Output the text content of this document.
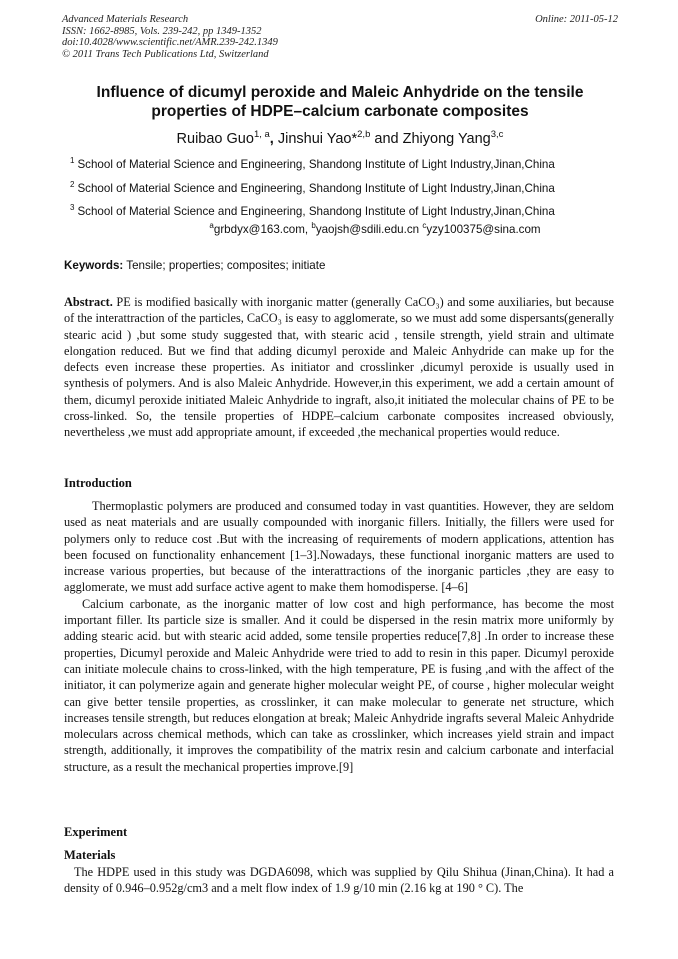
Advanced Materials Research
ISSN: 1662-8985, Vols. 239-242, pp 1349-1352
doi:10.4028/www.scientific.net/AMR.239-242.1349
© 2011 Trans Tech Publications Ltd, Switzerland
Online: 2011-05-12
Influence of dicumyl peroxide and Maleic Anhydride on the tensile
properties of HDPE–calcium carbonate composites
Ruibao Guo$^{1, a}$, Jinshui Yao*$^{2,b}$ and Zhiyong Yang$^{3,c}$
$^1$ School of Material Science and Engineering, Shandong Institute of Light Industry,Jinan,China
$^2$ School of Material Science and Engineering, Shandong Institute of Light Industry,Jinan,China
$^3$ School of Material Science and Engineering, Shandong Institute of Light Industry,Jinan,China
$^a$grbdyx@163.com, $^b$yaojsh@sdili.edu.cn $^c$yzy100375@sina.com
Keywords: Tensile; properties; composites; initiate
Abstract. PE is modified basically with inorganic matter (generally CaCO₃) and some auxiliaries, but because of the interattraction of the particles, CaCO₃ is easy to agglomerate, so we must add some dispersants(generally stearic acid ) ,but some study suggested that, with stearic acid , tensile strength, yield strain and ultimate elongation reduced. But we find that adding dicumyl peroxide and Maleic Anhydride can make up for the defects even increase these properties. As initiator and crosslinker ,dicumyl peroxide is usually used in synthesis of polymers. And is also Maleic Anhydride. However,in this experiment, we add a certain amount of them, dicumyl peroxide initiated Maleic Anhydride to ingraft, also,it initiated the molecular chains of PE to be cross-linked. So, the tensile properties of HDPE–calcium carbonate composites increased obviously, nevertheless ,we must add appropriate amount, if exceeded ,the mechanical properties would reduce.
Introduction

Thermoplastic polymers are produced and consumed today in vast quantities. However, they are seldom used as neat materials and are usually compounded with inorganic fillers. Initially, the fillers were used for polymers only to reduce cost .But with the increasing of requirements of modern applications, attention has been focused on functionality enhancement [1–3].Nowadays, these functional inorganic matters are used to increase various properties, but because of the interattractions of the inorganic particles ,they are easy to agglomerate, we must add surface active agent to make them homodisperse. [4–6]

Calcium carbonate, as the inorganic matter of low cost and high performance, has become the most important filler. Its particle size is smaller. And it could be dispersed in the resin matrix more uniformly by adding stearic acid. but with stearic acid added, some tensile properties reduce[7,8] .In order to increase these properties, Dicumyl peroxide and Maleic Anhydride were tried to add to resin in this paper. Dicumyl peroxide can initiate molecule chains to cross-linked, with the high temperature, PE is fusing ,and with the affect of the initiator, it can polymerize again and generate higher molecular weight PE, of course , higher molecular weight can give better tensile properties, as crosslinker, it can make molecular to generate net structure, which increases tensile strength, but reduces elongation at break; Maleic Anhydride ingrafts several Maleic Anhydride moleculars across chemical methods, which can take as crosslinker, which increases yield strain and impact strength, additionally, it improves the compatibility of the matrix resin and calcium carbonate and interfacial structure, as a result the mechanical properties improve.[9]

Experiment
Materials

The HDPE used in this study was DGDA6098, which was supplied by Qilu Shihua (Jinan,China). It had a density of 0.946–0.952g/cm3 and a melt flow index of 1.9 g/10 min (2.16 kg at 190 ° C). The
